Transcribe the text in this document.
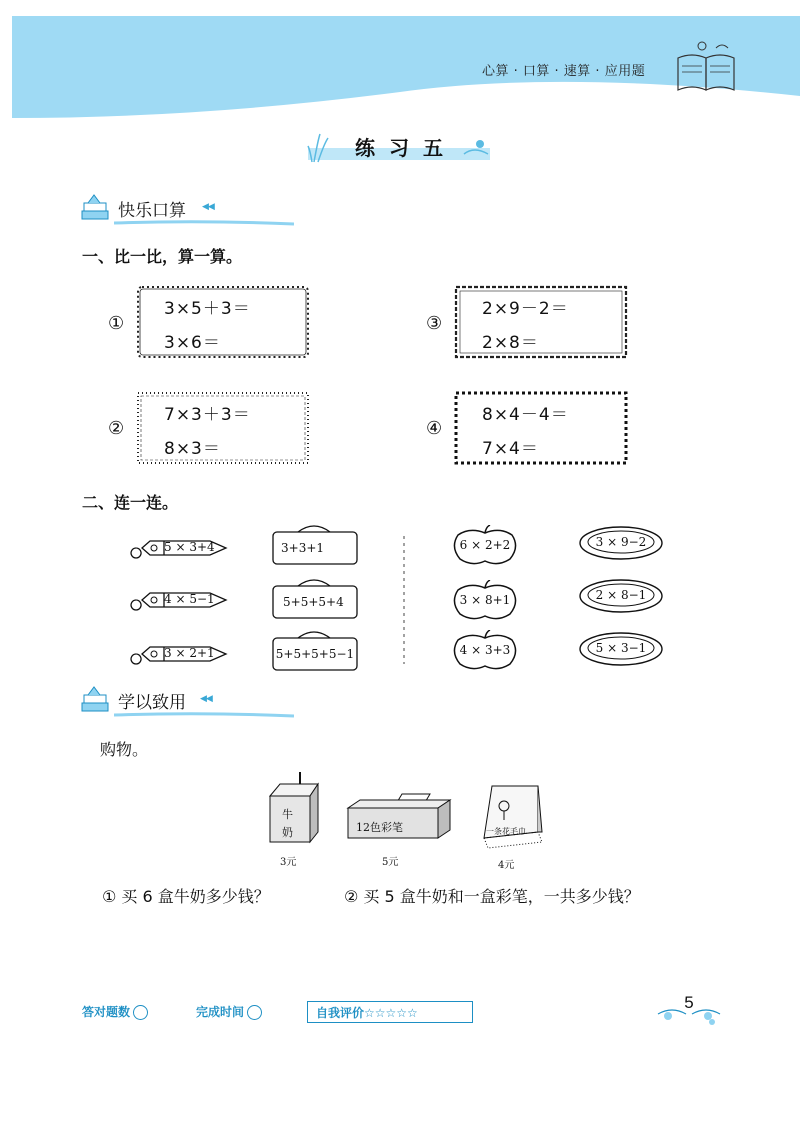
心算 · 口算 · 速算 · 应用题
练习五
快乐口算 ◀◀
一、比一比，算一算。
①
3×5＋3＝
3×6＝
②
7×3＋3＝
8×3＝
③
2×9－2＝
2×8＝
④
8×4－4＝
7×4＝
二、连一连。
5 × 3+4
4 × 5−1
3 × 2+1
3+3+1
5+5+5+4
5+5+5+5−1
6 × 2+2
3 × 8+1
4 × 3+3
3 × 9−2
2 × 8−1
5 × 3−1
学以致用 ◀◀
购物。
牛
奶
3元
12色彩笔
5元
一条花毛巾
4元
① 买 6 盒牛奶多少钱？	② 买 5 盒牛奶和一盒彩笔，一共多少钱？
答对题数	完成时间	自我评价☆☆☆☆☆
5
